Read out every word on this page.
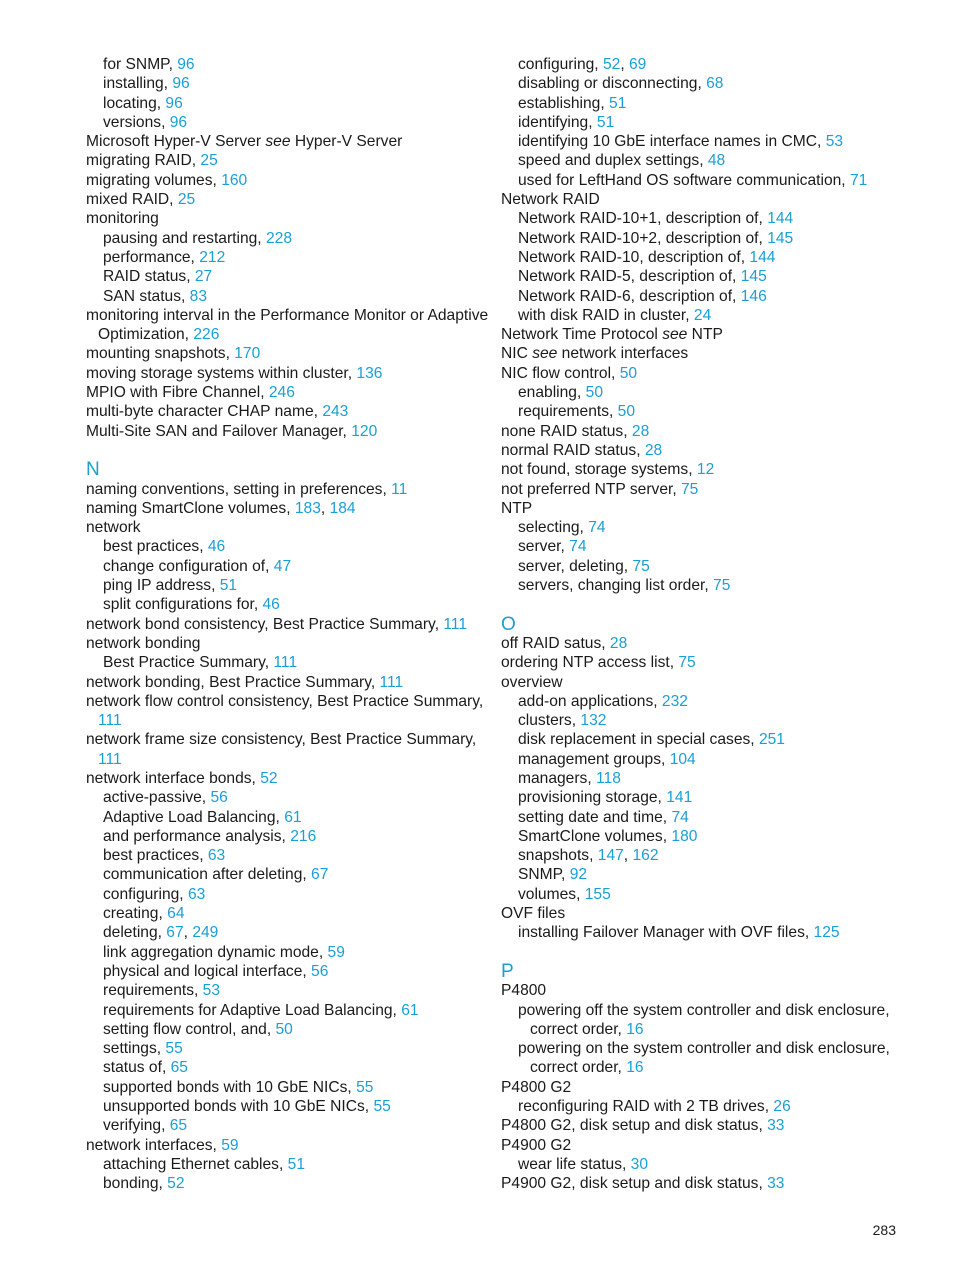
for SNMP, 96
installing, 96
locating, 96
versions, 96
Microsoft Hyper-V Server see Hyper-V Server
migrating RAID, 25
migrating volumes, 160
mixed RAID, 25
monitoring
pausing and restarting, 228
performance, 212
RAID status, 27
SAN status, 83
monitoring interval in the Performance Monitor or Adaptive
Optimization, 226
mounting snapshots, 170
moving storage systems within cluster, 136
MPIO with Fibre Channel, 246
multi-byte character CHAP name, 243
Multi-Site SAN and Failover Manager, 120
N
naming conventions, setting in preferences, 11
naming SmartClone volumes, 183, 184
network
best practices, 46
change configuration of, 47
ping IP address, 51
split configurations for, 46
network bond consistency, Best Practice Summary, 111
network bonding
Best Practice Summary, 111
network bonding, Best Practice Summary, 111
network flow control consistency, Best Practice Summary,
111
network frame size consistency, Best Practice Summary,
111
network interface bonds, 52
active-passive, 56
Adaptive Load Balancing, 61
and performance analysis, 216
best practices, 63
communication after deleting, 67
configuring, 63
creating, 64
deleting, 67, 249
link aggregation dynamic mode, 59
physical and logical interface, 56
requirements, 53
requirements for Adaptive Load Balancing, 61
setting flow control, and, 50
settings, 55
status of, 65
supported bonds with 10 GbE NICs, 55
unsupported bonds with 10 GbE NICs, 55
verifying, 65
network interfaces, 59
attaching Ethernet cables, 51
bonding, 52
configuring, 52, 69
disabling or disconnecting, 68
establishing, 51
identifying, 51
identifying 10 GbE interface names in CMC, 53
speed and duplex settings, 48
used for LeftHand OS software communication, 71
Network RAID
Network RAID-10+1, description of, 144
Network RAID-10+2, description of, 145
Network RAID-10, description of, 144
Network RAID-5, description of, 145
Network RAID-6, description of, 146
with disk RAID in cluster, 24
Network Time Protocol see NTP
NIC see network interfaces
NIC flow control, 50
enabling, 50
requirements, 50
none RAID status, 28
normal RAID status, 28
not found, storage systems, 12
not preferred NTP server, 75
NTP
selecting, 74
server, 74
server, deleting, 75
servers, changing list order, 75
O
off RAID satus, 28
ordering NTP access list, 75
overview
add-on applications, 232
clusters, 132
disk replacement in special cases, 251
management groups, 104
managers, 118
provisioning storage, 141
setting date and time, 74
SmartClone volumes, 180
snapshots, 147, 162
SNMP, 92
volumes, 155
OVF files
installing Failover Manager with OVF files, 125
P
P4800
powering off the system controller and disk enclosure,
correct order, 16
powering on the system controller and disk enclosure,
correct order, 16
P4800 G2
reconfiguring RAID with 2 TB drives, 26
P4800 G2, disk setup and disk status, 33
P4900 G2
wear life status, 30
P4900 G2, disk setup and disk status, 33
283
